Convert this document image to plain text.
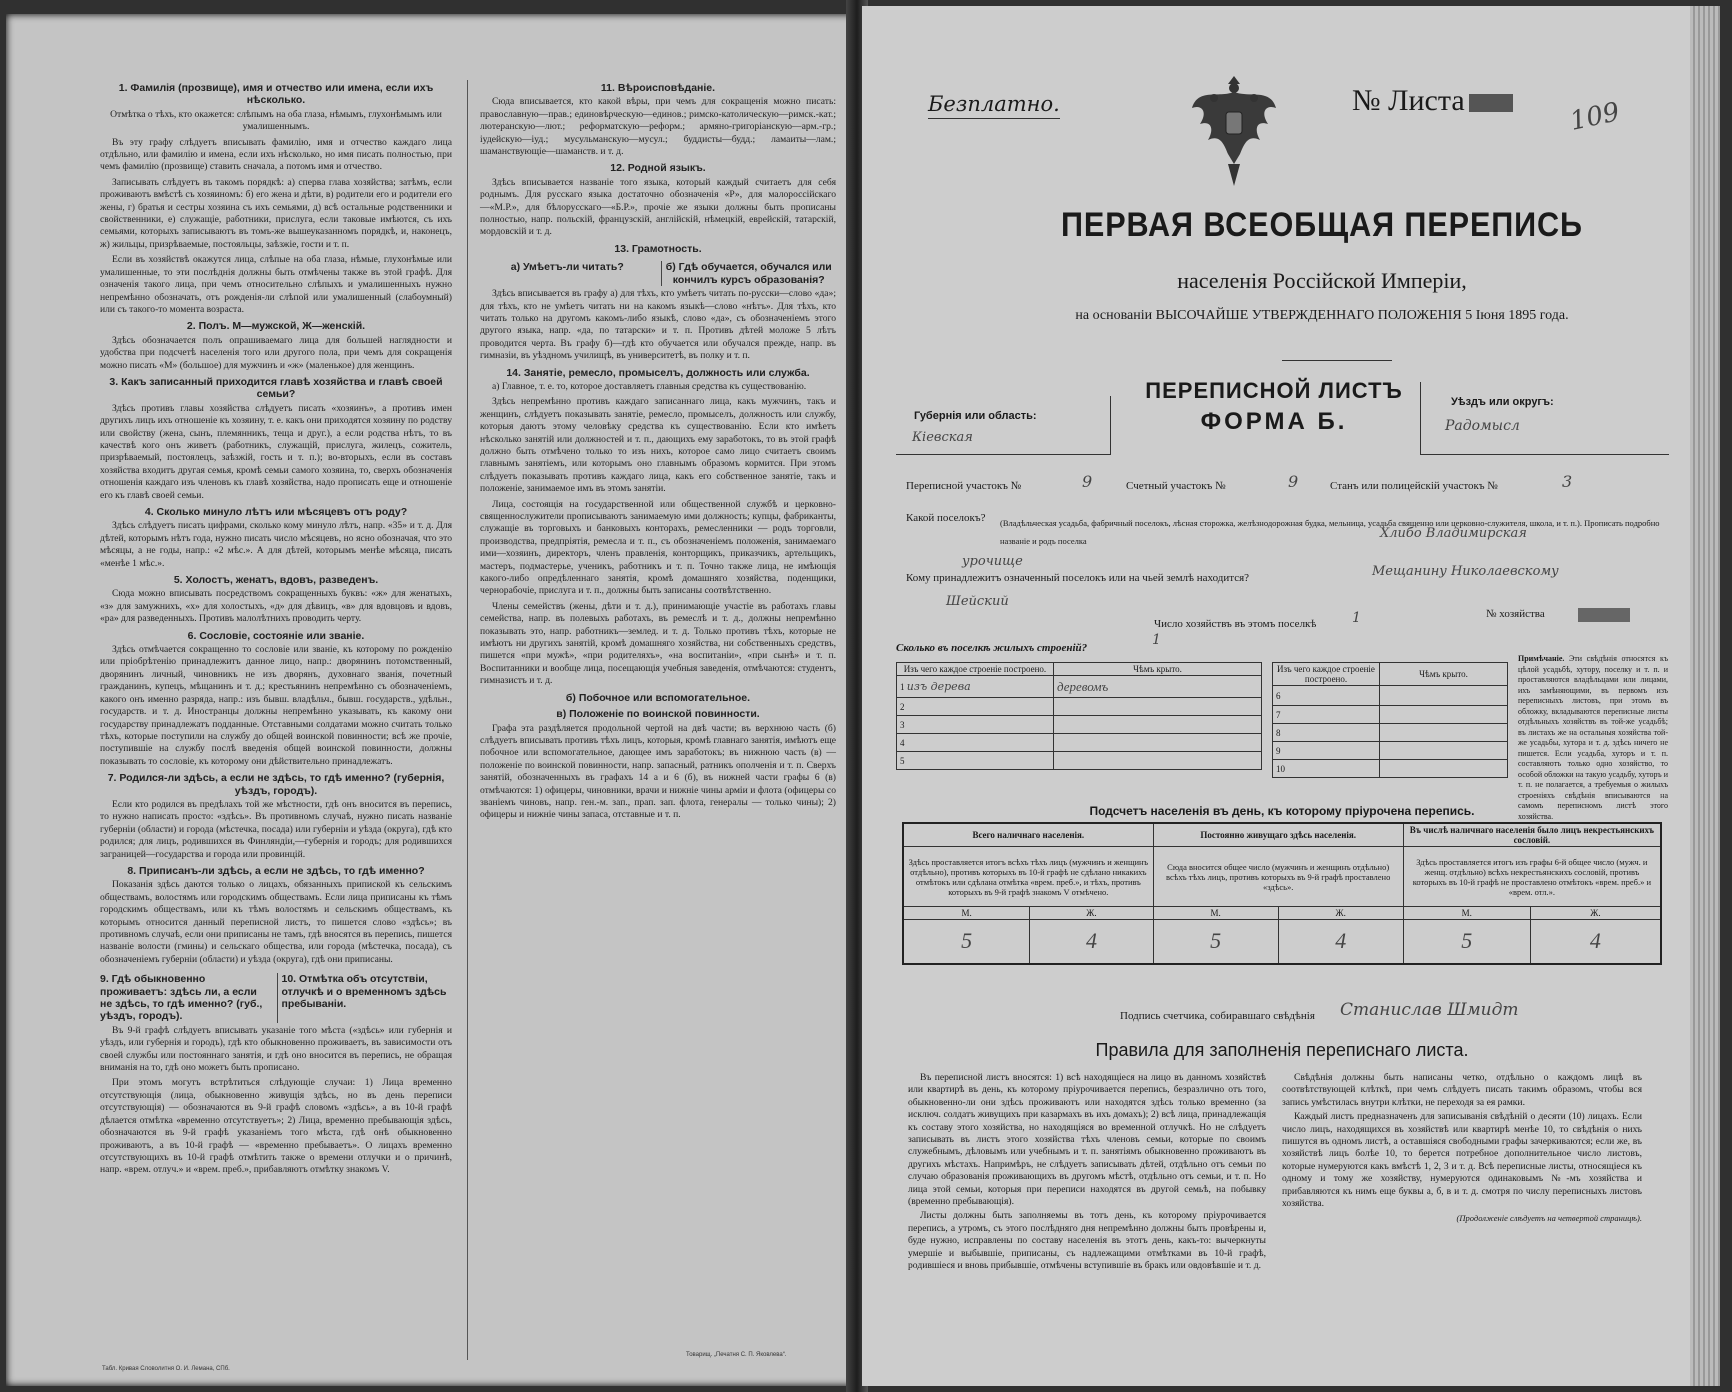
1. Фамилія (прозвище), имя и отчество или имена, если ихъ нѣсколько.

Отмѣтка о тѣхъ, кто окажется: слѣпымъ на оба глаза, нѣмымъ, глухонѣмымъ или умалишеннымъ.

Въ эту графу слѣдуетъ вписывать фамилію, имя и отчество каждаго лица отдѣльно, или фамилію и имена, если ихъ нѣсколько, но имя писать полностью, при чемъ фамилію (прозвище) ставить сначала, а потомъ имя и отчество.

Записывать слѣдуетъ въ такомъ порядкѣ: а) сперва глава хозяйства; затѣмъ, если проживаютъ вмѣстѣ съ хозяиномъ: б) его жена и дѣти, в) родители его и родители его жены, г) братья и сестры хозяина съ ихъ семьями, д) всѣ остальные родственники и свойственники, е) служащіе, работники, прислуга, если таковые имѣются, съ ихъ семьями, которыхъ записываютъ въ томъ-же вышеуказанномъ порядкѣ, и, наконецъ, ж) жильцы, призрѣваемые, постояльцы, заѣзжіе, гости и т. п.

Если въ хозяйствѣ окажутся лица, слѣпые на оба глаза, нѣмые, глухонѣмые или умалишенные, то эти послѣднія должны быть отмѣчены также въ этой графѣ. Для означенія такого лица, при чемъ относительно слѣпыхъ и умалишенныхъ нужно непремѣнно обозначать, отъ рожденія-ли слѣпой или умалишенный (слабоумный) или съ такого-то момента возраста.

2. Полъ. М—мужской, Ж—женскій.

Здѣсь обозначается полъ опрашиваемаго лица для большей наглядности и удобства при подсчетѣ населенія того или другого пола, при чемъ для сокращенія можно писать «М» (большое) для мужчинъ и «ж» (маленькое) для женщинъ.

3. Какъ записанный приходится главѣ хозяйства и главѣ своей семьи?

Здѣсь противъ главы хозяйства слѣдуетъ писать «хозяинъ», а противъ имен другихъ лицъ ихъ отношеніе къ хозяину, т. е. какъ они приходятся хозяину по родству или свойству (жена, сынъ, племянникъ, теща и друг.), а если родства нѣтъ, то въ качествѣ кого онъ живетъ (работникъ, служащій, прислуга, жилецъ, сожитель, призрѣваемый, постоялецъ, заѣзжій, гость и т. п.); во-вторыхъ, если въ составъ хозяйства входитъ другая семья, кромѣ семьи самого хозяина, то, сверхъ обозначенія отношенія каждаго изъ членовъ къ главѣ хозяйства, надо прописать еще и отношеніе его къ главѣ своей семьи.

4. Сколько минуло лѣтъ или мѣсяцевъ отъ роду?

Здѣсь слѣдуетъ писать цифрами, сколько кому минуло лѣтъ, напр. «35» и т. д. Для дѣтей, которымъ нѣтъ года, нужно писать число мѣсяцевъ, но ясно обозначая, что это мѣсяцы, а не годы, напр.: «2 мѣс.». А для дѣтей, которымъ менѣе мѣсяца, писать «менѣе 1 мѣс.».

5. Холостъ, женатъ, вдовъ, разведенъ.

Сюда можно вписывать посредствомъ сокращенныхъ буквъ: «ж» для женатыхъ, «з» для замужнихъ, «х» для холостыхъ, «д» для дѣвицъ, «в» для вдовцовъ и вдовъ, «ра» для разведенныхъ. Противъ малолѣтнихъ проводить черту.

6. Сословіе, состояніе или званіе.

Здѣсь отмѣчается сокращенно то сословіе или званіе, къ которому по рожденію или пріобрѣтенію принадлежитъ данное лицо, напр.: дворянинъ потомственный, дворянинъ личный, чиновникъ не изъ дворянъ, духовнаго званія, почетный гражданинъ, купецъ, мѣщанинъ и т. д.; крестьянинъ непремѣнно съ обозначеніемъ, какого онъ именно разряда, напр.: изъ бывш. владѣльч., бывш. государств., удѣльн., государств. и т. д. Иностранцы должны непремѣнно указывать, къ какому они государству принадлежатъ подданные. Отставными солдатами можно считать только тѣхъ, которые поступили на службу до общей воинской повинности; всѣ же прочіе, поступившіе на службу послѣ введенія общей воинской повинности, должны показывать то сословіе, къ которому они дѣйствительно принадлежатъ.

7. Родился-ли здѣсь, а если не здѣсь, то гдѣ именно? (губернія, уѣздъ, городъ).

Если кто родился въ предѣлахъ той же мѣстности, гдѣ онъ вносится въ перепись, то нужно написать просто: «здѣсь». Въ противномъ случаѣ, нужно писать названіе губерніи (области) и города (мѣстечка, посада) или губерніи и уѣзда (округа), гдѣ кто родился; для лицъ, родившихся въ Финляндіи,—губернія и городъ; для родившихся заграницей—государства и города или провинцій.

8. Приписанъ-ли здѣсь, а если не здѣсь, то гдѣ именно?

Показанія здѣсь даются только о лицахъ, обязанныхъ припиской къ сельскимъ обществамъ, волостямъ или городскимъ обществамъ. Если лица приписаны къ тѣмъ городскимъ обществамъ, или къ тѣмъ волостямъ и сельскимъ обществамъ, къ которымъ относится данный переписной листъ, то пишется слово «здѣсь»; въ противномъ случаѣ, если они приписаны не тамъ, гдѣ вносятся въ перепись, пишется названіе волости (гмины) и сельскаго общества, или города (мѣстечка, посада), съ обозначеніемъ губерніи (области) и уѣзда (округа), гдѣ они приписаны.

9. Гдѣ обыкновенно проживаетъ: здѣсь ли, а если не здѣсь, то гдѣ именно? (губ., уѣздъ, городъ).
10. Отмѣтка объ отсутствіи, отлучкѣ и о временномъ здѣсь пребываніи.

Въ 9-й графѣ слѣдуетъ вписывать указаніе того мѣста («здѣсь» или губернія и уѣздъ, или губернія и городъ), гдѣ кто обыкновенно проживаетъ, въ зависимости отъ своей службы или постояннаго занятія, и гдѣ оно вносится въ перепись, не обращая вниманія на то, гдѣ оно можетъ быть прописано.

При этомъ могутъ встрѣтиться слѣдующіе случаи: 1) Лица временно отсутствующія (лица, обыкновенно живущія здѣсь, но въ день переписи отсутствующія) — обозначаются въ 9-й графѣ словомъ «здѣсь», а въ 10-й графѣ дѣлается отмѣтка «временно отсутствуетъ»; 2) Лица, временно пребывающія здѣсь, обозначаются въ 9-й графѣ указаніемъ того мѣста, гдѣ онѣ обыкновенно проживаютъ, а въ 10-й графѣ — «временно пребываетъ». О лицахъ временно отсутствующихъ въ 10-й графѣ отмѣтить также о времени отлучки и о причинѣ, напр. «врем. отлуч.» и «врем. преб.», прибавляютъ отмѣтку знакомъ V.

11. Вѣроисповѣданіе.

Сюда вписывается, кто какой вѣры, при чемъ для сокращенія можно писать: православную—прав.; единовѣрческую—единов.; римско-католическую—римск.-кат.; лютеранскую—лют.; реформатскую—реформ.; армяно-григоріанскую—арм.-гр.; іудейскую—іуд.; мусульманскую—мусул.; буддисты—будд.; ламаиты—лам.; шаманствующіе—шаманств. и т. д.

12. Родной языкъ.

Здѣсь вписывается названіе того языка, который каждый считаетъ для себя роднымъ. Для русскаго языка достаточно обозначенія «Р», для малороссійскаго—«М.Р.», для бѣлорусскаго—«Б.Р.», прочіе же языки должны быть прописаны полностью, напр. польскій, французскій, англійскій, нѣмецкій, еврейскій, татарскій, мордовскій и т. д.

13. Грамотность.
а) Умѣетъ-ли читать?	б) Гдѣ обучается, обучался или кончилъ курсъ образованія?

Здѣсь вписывается въ графу а) для тѣхъ, кто умѣетъ читать по-русски—слово «да»; для тѣхъ, кто не умѣетъ читать ни на какомъ языкѣ—слово «нѣтъ». Для тѣхъ, кто читать только на другомъ какомъ-либо языкѣ, слово «да», съ обозначеніемъ этого другого языка, напр. «да, по татарски» и т. п. Противъ дѣтей моложе 5 лѣтъ проводится черта. Въ графу б)—гдѣ кто обучается или обучался прежде, напр. въ гимназіи, въ уѣздномъ училищѣ, въ университетѣ, въ полку и т. п.

14. Занятіе, ремесло, промыселъ, должность или служба.

а) Главное, т. е. то, которое доставляетъ главныя средства къ существованію.

Здѣсь непремѣнно противъ каждаго записаннаго лица, какъ мужчинъ, такъ и женщинъ, слѣдуетъ показывать занятіе, ремесло, промыселъ, должность или службу, которыя даютъ этому человѣку средства къ существованію. Если кто имѣетъ нѣсколько занятій или должностей и т. п., дающихъ ему заработокъ, то въ этой графѣ должно быть отмѣчено только то изъ нихъ, которое само лицо считаетъ своимъ главнымъ занятіемъ, или которымъ оно главнымъ образомъ кормится. При этомъ слѣдуетъ показывать противъ каждаго лица, какъ его собственное занятіе, такъ и положеніе, занимаемое имъ въ этомъ занятіи.

Лица, состоящія на государственной или общественной службѣ и церковно-священнослужители прописываютъ занимаемую ими должность; купцы, фабриканты, служащіе въ торговыхъ и банковыхъ конторахъ, ремесленники — родъ торговли, производства, предпріятія, ремесла и т. п., съ обозначеніемъ положенія, занимаемаго ими—хозяинъ, директоръ, членъ правленія, конторщикъ, приказчикъ, артельщикъ, мастеръ, подмастерье, ученикъ, работникъ и т. п. Точно также лица, не имѣющія какого-либо опредѣленнаго занятія, кромѣ домашняго хозяйства, поденщики, чернорабочіе, прислуга и т. п., должны быть записаны соотвѣтственно.

Члены семействъ (жены, дѣти и т. д.), принимающіе участіе въ работахъ главы семейства, напр. въ полевыхъ работахъ, въ ремеслѣ и т. д., должны непремѣнно показывать это, напр. работникъ—землед. и т. д. Только противъ тѣхъ, которые не имѣютъ ни другихъ занятій, кромѣ домашняго хозяйства, ни собственныхъ средствъ, пишется «при мужѣ», «при родителяхъ», «на воспитаніи», «при сынѣ» и т. п. Воспитанники и вообще лица, посещающія учебныя заведенія, отмѣчаются: студентъ, гимназистъ и т. д.

б) Побочное или вспомогательное.
в) Положеніе по воинской повинности.

Графа эта раздѣляется продольной чертой на двѣ части; въ верхнюю часть (б) слѣдуетъ вписывать противъ тѣхъ лицъ, которыя, кромѣ главнаго занятія, имѣютъ еще побочное или вспомогательное, дающее имъ заработокъ; въ нижнюю часть (в) — положеніе по воинской повинности, напр. запасный, ратникъ ополченія и т. п. Сверхъ занятій, обозначенныхъ въ графахъ 14 а и 6 (б), въ нижней части графы 6 (в) отмѣчаются: 1) офицеры, чиновники, врачи и нижніе чины арміи и флота (офицеры со званіемъ чиновъ, напр. ген.-м. зап., прап. зап. флота, генералы — только чины); 2) офицеры и нижніе чины запаса, отставные и т. п.

Табл. Кривая Словолитня О. И. Лемана, СПб.
Товарищ. „Печатня С. П. Яковлева“.
Безплатно.	№ Листа	109
ПЕРВАЯ ВСЕОБЩАЯ ПЕРЕПИСЬ
населенія Россійской Имперіи,
на основаніи ВЫСОЧАЙШЕ УТВЕРЖДЕННАГО ПОЛОЖЕНІЯ 5 Іюня 1895 года.
Губернія или область:
Кіевская
ПЕРЕПИСНОЙ ЛИСТЪ
ФОРМА Б.
Уѣздъ или округъ:
Радомысл
Переписной участокъ №	9	Счетный участокъ №	9	Станъ или полицейскій участокъ №	3
Какой поселокъ? (Владѣльческая усадьба, фабричный поселокъ, лѣсная сторожка, желѣзнодорожная будка, мельница, усадьба священно или церковно-служителя, школа, и т. п.). Прописать подробно названіе и родъ поселка	Хлибо Владимирская
урочище
Кому принадлежитъ означенный поселокъ или на чьей землѣ находится?	Мещанину Николаевскому
Шейский
Число хозяйствъ въ этомъ поселкѣ	1	№ хозяйства
Сколько въ поселкѣ жилыхъ строеній?	1
Изъ чего каждое строеніе построено.	Чѣмъ крыто.
1 изъ дерева	деревомъ
2	
3	
4	
5	
Изъ чего каждое строеніе построено.	Чѣмъ крыто.
6	
7	
8	
9	
10	
Примѣчаніе. Эти свѣдѣнія относятся къ цѣлой усадьбѣ, хутору, поселку и т. п. и проставляются владѣльцами или лицами, ихъ замѣняющими, въ первомъ изъ переписныхъ листовъ, при этомъ въ обложку, вкладываются переписные листы отдѣльныхъ хозяйствъ въ той-же усадьбѣ; въ листахъ же на остальныя хозяйства той-же усадьбы, хутора и т. д. здѣсь ничего не пишется. Если усадьба, хуторъ и т. п. составляютъ только одно хозяйство, то особой обложки на такую усадьбу, хуторъ и т. п. не полагается, а требуемыя о жилыхъ строеніяхъ свѣдѣнія вписываются на самомъ переписномъ листѣ этого хозяйства.
Подсчетъ населенія въ день, къ которому пріурочена перепись.
Всего наличнаго населенія.		Постоянно живущаго здѣсь населенія.		Въ числѣ наличнаго населенія было лицъ некрестьянскихъ сословій.	
Здѣсь проставляется итогъ всѣхъ тѣхъ лицъ (мужчинъ и женщинъ отдѣльно), противъ которыхъ въ 10-й графѣ не сдѣлано никакихъ отмѣтокъ или сдѣлана отмѣтка «врем. преб.», и тѣхъ, противъ которыхъ въ 9-й графѣ знакомъ V отмѣчено.		Сюда вносится общее число (мужчинъ и женщинъ отдѣльно) всѣхъ тѣхъ лицъ, противъ которыхъ въ 9-й графѣ проставлено «здѣсь».		Здѣсь проставляется итогъ изъ графы 6-й общее число (мужч. и женщ. отдѣльно) всѣхъ некрестьянскихъ сословій, противъ которыхъ въ 10-й графѣ не проставлено отмѣтокъ «врем. преб.» и «врем. отл.».	
М.	Ж.	М.	Ж.	М.	Ж.
5	4	5	4	5	4
Подпись счетчика, собиравшаго свѣдѣнія Станислав Шмидт
Правила для заполненія переписнаго листа.

Въ переписной листъ вносятся: 1) всѣ находящіеся на лицо въ данномъ хозяйствѣ или квартирѣ въ день, къ которому пріурочивается перепись, безразлично отъ того, обыкновенно-ли они здѣсь проживаютъ или находятся здѣсь только временно (за исключ. солдатъ живущихъ при казармахъ въ ихъ домахъ); 2) всѣ лица, принадлежащія къ составу этого хозяйства, но находящіяся во временной отлучкѣ. Но не слѣдуетъ записывать въ листъ этого хозяйства тѣхъ членовъ семьи, которые по своимъ служебнымъ, дѣловымъ или учебнымъ и т. п. занятіямъ обыкновенно проживаютъ въ другихъ мѣстахъ. Напримѣръ, не слѣдуетъ записывать дѣтей, отдѣльно отъ семьи по случаю образованія проживающихъ въ другомъ мѣстѣ, отдѣльно отъ семьи, и т. п. Но лица этой семьи, которыя при переписи находятся въ другой семьѣ, на побывку (временно пребывающія).

Листы должны быть заполняемы въ тотъ день, къ которому пріурочивается перепись, а утромъ, съ этого послѣдняго дня непремѣнно должны быть провѣрены и, буде нужно, исправлены по составу населенія въ этотъ день, какъ-то: вычеркнуты умершіе и выбывшіе, приписаны, съ надлежащими отмѣтками въ 10-й графѣ, родившіеся и вновь прибывшіе, отмѣчены вступившіе въ бракъ или овдовѣвшіе и т. д.

Свѣдѣнія должны быть написаны четко, отдѣльно о каждомъ лицѣ въ соотвѣтствующей клѣткѣ, при чемъ слѣдуетъ писать такимъ образомъ, чтобы вся запись умѣстилась внутри клѣтки, не переходя за ея рамки.

Каждый листъ предназначенъ для записыванія свѣдѣній о десяти (10) лицахъ. Если число лицъ, находящихся въ хозяйствѣ или квартирѣ менѣе 10, то свѣдѣнія о нихъ пишутся въ одномъ листѣ, а оставшіяся свободными графы зачеркиваются; если же, въ хозяйствѣ лицъ болѣе 10, то берется потребное дополнительное число листовъ, которые нумеруются какъ вмѣстѣ 1, 2, 3 и т. д. Всѣ переписные листы, относящіеся къ одному и тому же хозяйству, нумеруются одинаковымъ №-мъ хозяйства и прибавляются къ нимъ еще буквы а, б, в и т. д. смотря по числу переписныхъ листовъ хозяйства.

(Продолженіе слѣдуетъ на четвертой страницѣ).
